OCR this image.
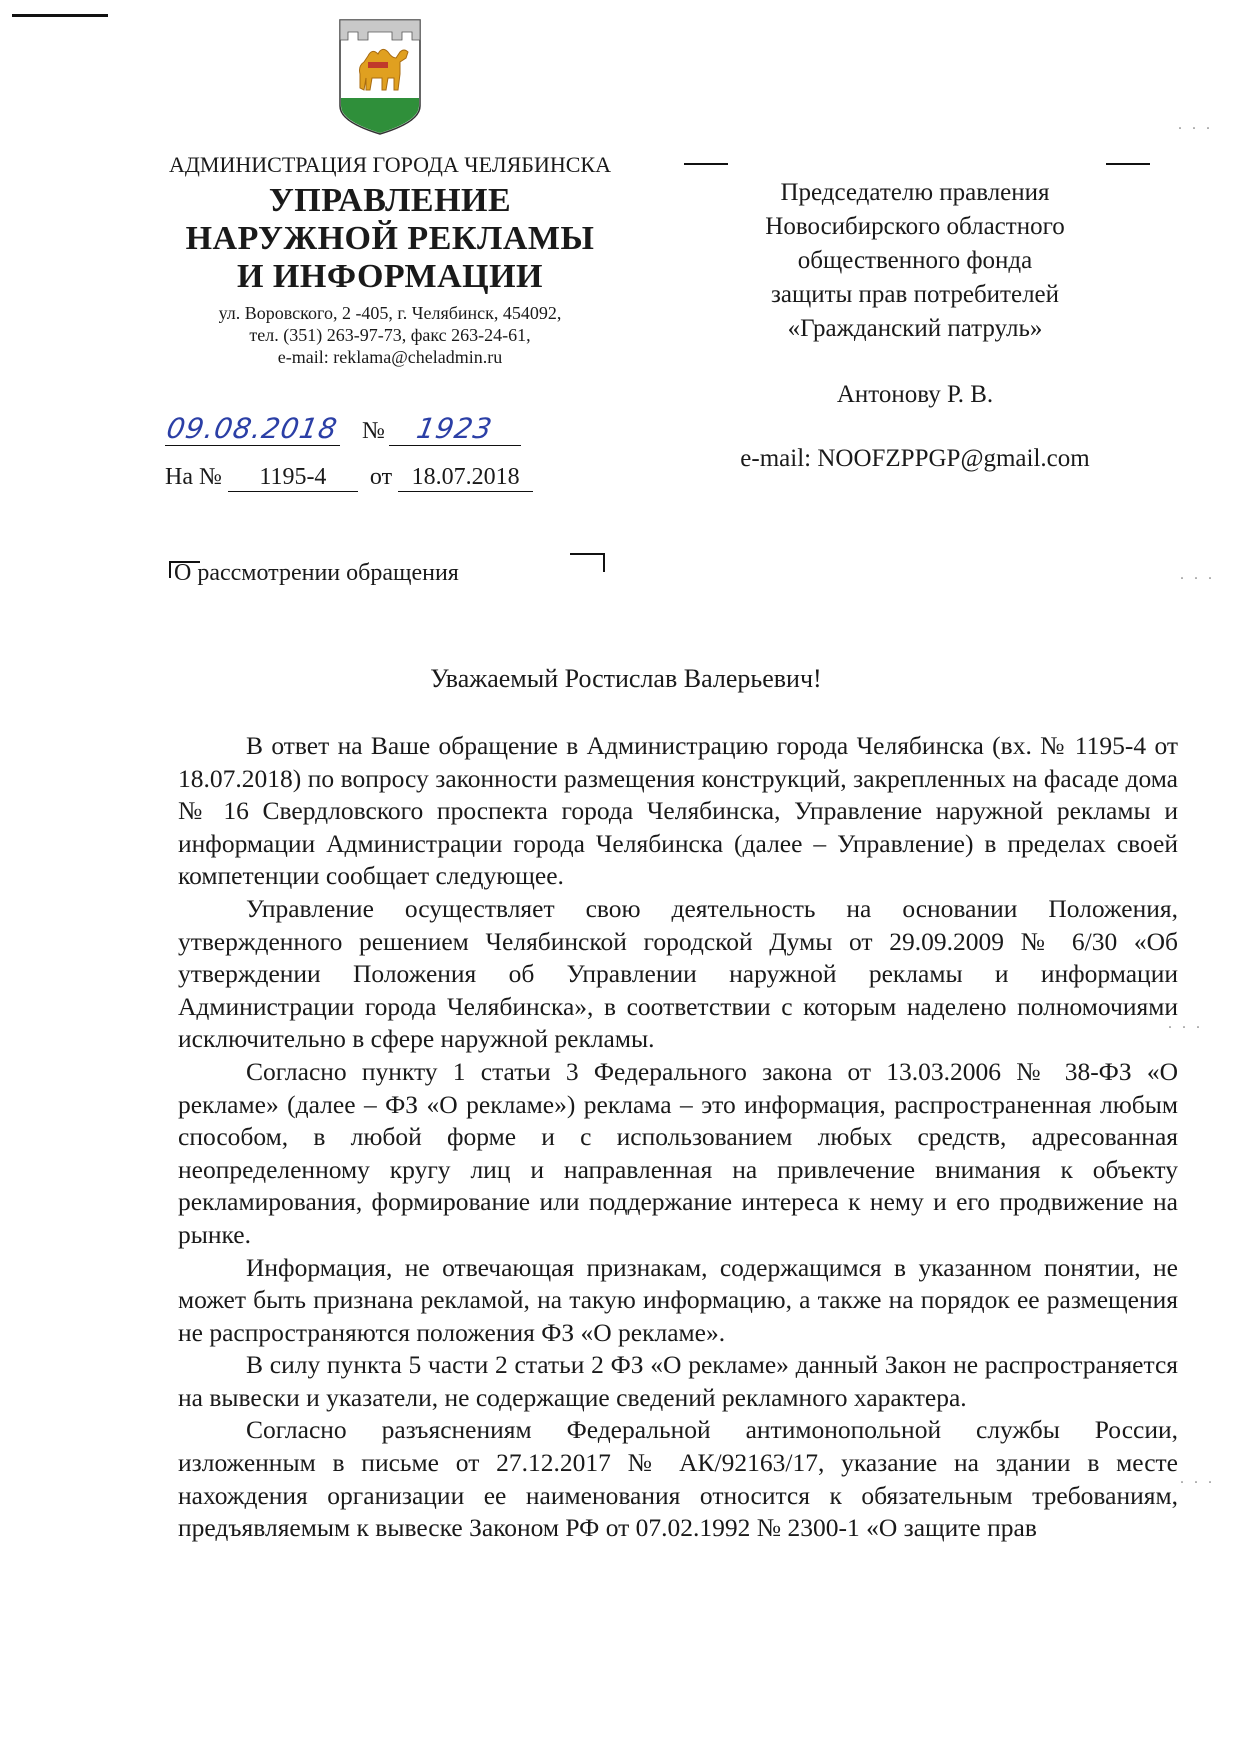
АДМИНИСТРАЦИЯ ГОРОДА ЧЕЛЯБИНСКА
УПРАВЛЕНИЕ
НАРУЖНОЙ РЕКЛАМЫ
И ИНФОРМАЦИИ
ул. Воровского, 2 -405, г. Челябинск, 454092,
тел. (351) 263-97-73, факс 263-24-61,
e-mail: reklama@cheladmin.ru
09.08.2018 № 1923
На № 1195-4 от 18.07.2018
О рассмотрении обращения
Председателю правления
Новосибирского областного
общественного фонда
защиты прав потребителей
«Гражданский патруль»
Антонову Р. В.
e-mail: NOOFZPPGP@gmail.com
. . .
. . .
. . .
. . .
Уважаемый Ростислав Валерьевич!

В ответ на Ваше обращение в Администрацию города Челябинска (вх. № 1195-4 от 18.07.2018) по вопросу законности размещения конструкций, закрепленных на фасаде дома № 16 Свердловского проспекта города Челябинска, Управление наружной рекламы и информации Администрации города Челябинска (далее – Управление) в пределах своей компетенции сообщает следующее.

Управление осуществляет свою деятельность на основании Положения, утвержденного решением Челябинской городской Думы от 29.09.2009 № 6/30 «Об утверждении Положения об Управлении наружной рекламы и информации Администрации города Челябинска», в соответствии с которым наделено полномочиями исключительно в сфере наружной рекламы.

Согласно пункту 1 статьи 3 Федерального закона от 13.03.2006 № 38-ФЗ «О рекламе» (далее – ФЗ «О рекламе») реклама – это информация, распространенная любым способом, в любой форме и с использованием любых средств, адресованная неопределенному кругу лиц и направленная на привлечение внимания к объекту рекламирования, формирование или поддержание интереса к нему и его продвижение на рынке.

Информация, не отвечающая признакам, содержащимся в указанном понятии, не может быть признана рекламой, на такую информацию, а также на порядок ее размещения не распространяются положения ФЗ «О рекламе».

В силу пункта 5 части 2 статьи 2 ФЗ «О рекламе» данный Закон не распространяется на вывески и указатели, не содержащие сведений рекламного характера.

Согласно разъяснениям Федеральной антимонопольной службы России, изложенным в письме от 27.12.2017 № АК/92163/17, указание на здании в месте нахождения организации ее наименования относится к обязательным требованиям, предъявляемым к вывеске Законом РФ от 07.02.1992 № 2300-1 «О защите прав
